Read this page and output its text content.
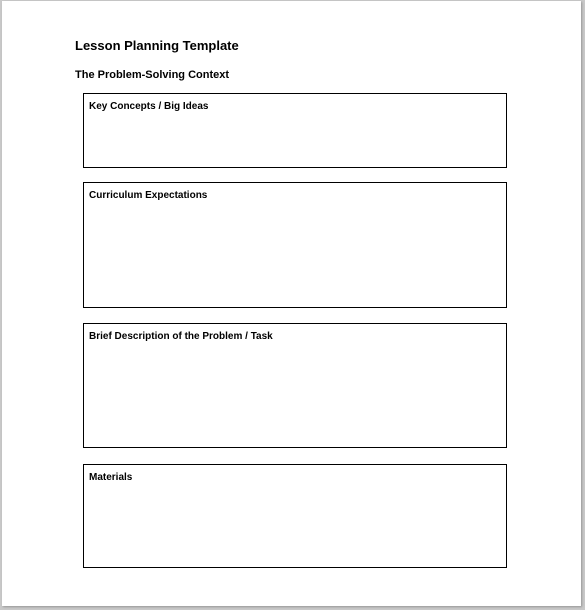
Lesson Planning Template
The Problem-Solving Context
Key Concepts / Big Ideas
Curriculum Expectations
Brief Description of the Problem / Task
Materials
